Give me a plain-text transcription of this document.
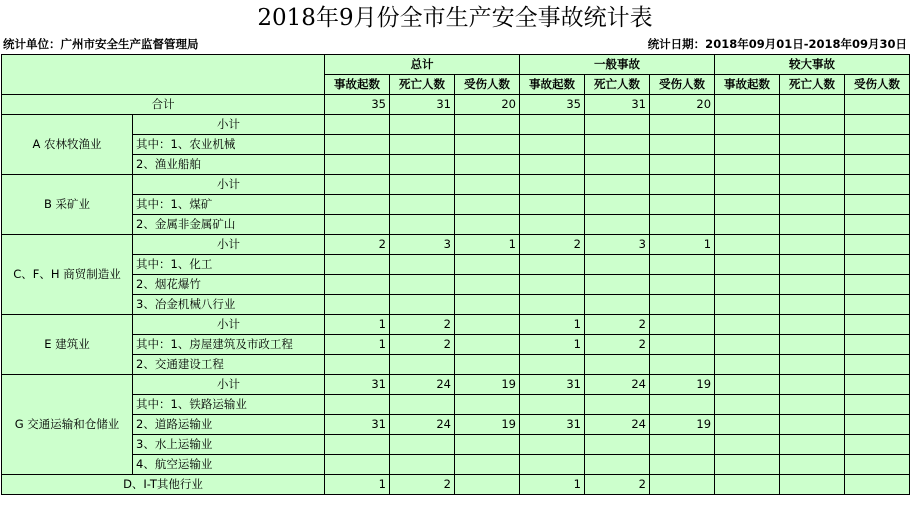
2018年9月份全市生产安全事故统计表
统计单位：广州市安全生产监督管理局	统计日期：2018年09月01日-2018年09月30日
		总计			一般事故			较大事故		
		事故起数	死亡人数	受伤人数	事故起数	死亡人数	受伤人数	事故起数	死亡人数	受伤人数
合计		35	31	20	35	31	20			
A 农林牧渔业	小计									
	其中：1、农业机械									
	2、渔业船舶									
B 采矿业	小计									
	其中：1、煤矿									
	2、金属非金属矿山									
C、F、H 商贸制造业	小计	2	3	1	2	3	1			
	其中：1、化工									
	2、烟花爆竹									
	3、冶金机械八行业									
E 建筑业	小计	1	2		1	2				
	其中：1、房屋建筑及市政工程	1	2		1	2				
	2、交通建设工程									
G 交通运输和仓储业	小计	31	24	19	31	24	19			
	其中：1、铁路运输业									
	2、道路运输业	31	24	19	31	24	19			
	3、水上运输业									
	4、航空运输业									
D、I-T其他行业		1	2		1	2				
